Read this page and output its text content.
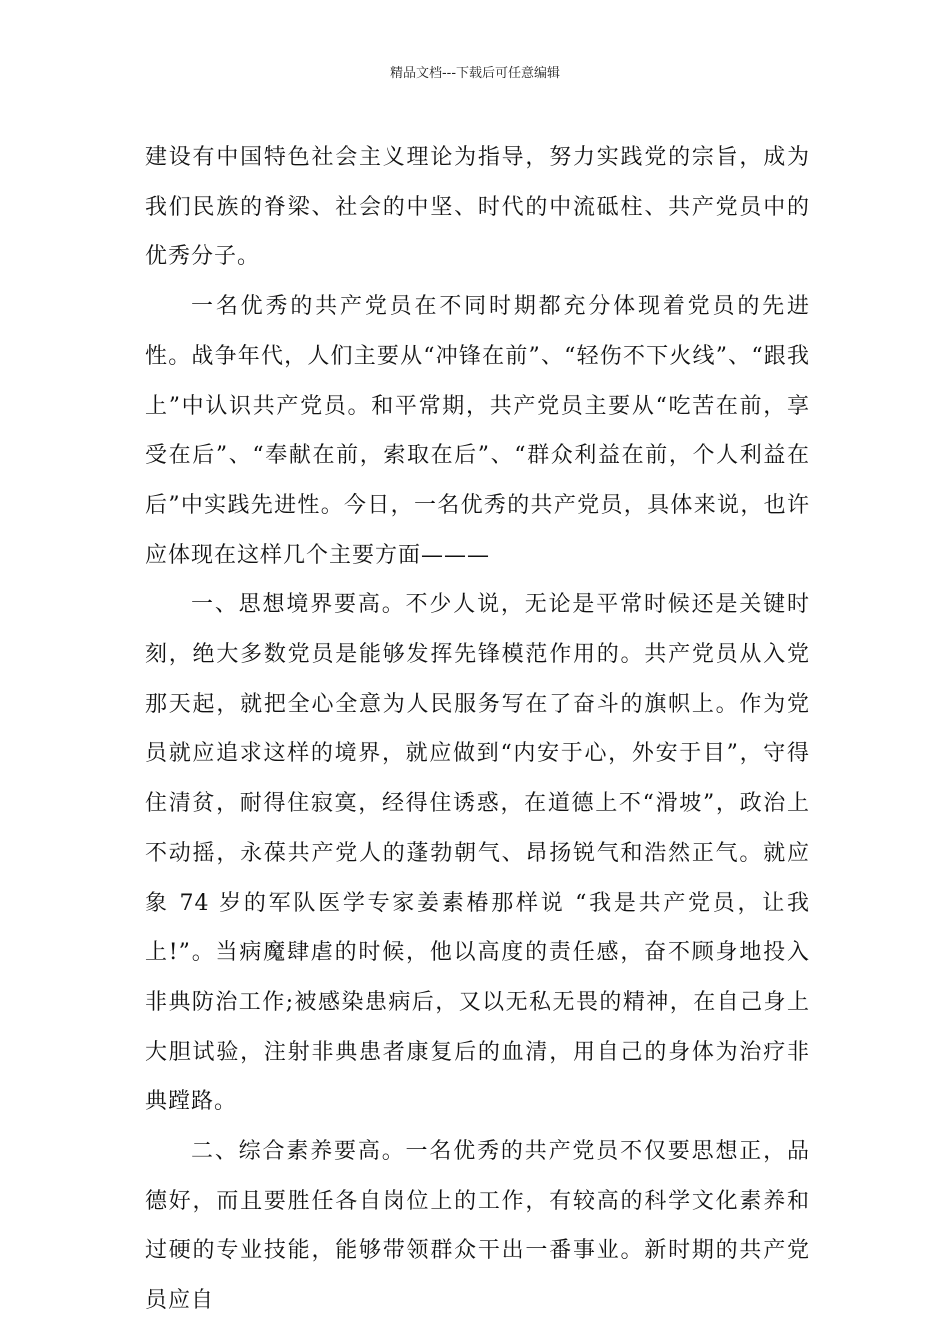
精品文档---下载后可任意编辑

建设有中国特色社会主义理论为指导，努力实践党的宗旨，成为我们民族的脊梁、社会的中坚、时代的中流砥柱、共产党员中的优秀分子。

一名优秀的共产党员在不同时期都充分体现着党员的先进性。战争年代，人们主要从“冲锋在前”、“轻伤不下火线”、“跟我上”中认识共产党员。和平常期，共产党员主要从“吃苦在前，享受在后”、“奉献在前，索取在后”、“群众利益在前，个人利益在后”中实践先进性。今日，一名优秀的共产党员，具体来说，也许应体现在这样几个主要方面———

一、思想境界要高。不少人说，无论是平常时候还是关键时刻，绝大多数党员是能够发挥先锋模范作用的。共产党员从入党那天起，就把全心全意为人民服务写在了奋斗的旗帜上。作为党员就应追求这样的境界，就应做到“内安于心，外安于目”，守得住清贫，耐得住寂寞，经得住诱惑，在道德上不“滑坡”，政治上不动摇，永葆共产党人的蓬勃朝气、昂扬锐气和浩然正气。就应象 74 岁的军队医学专家姜素椿那样说 “我是共产党员，让我上!”。当病魔肆虐的时候，他以高度的责任感，奋不顾身地投入非典防治工作;被感染患病后，又以无私无畏的精神，在自己身上大胆试验，注射非典患者康复后的血清，用自己的身体为治疗非典蹚路。

二、综合素养要高。一名优秀的共产党员不仅要思想正，品德好，而且要胜任各自岗位上的工作，有较高的科学文化素养和过硬的专业技能，能够带领群众干出一番事业。新时期的共产党员应自
